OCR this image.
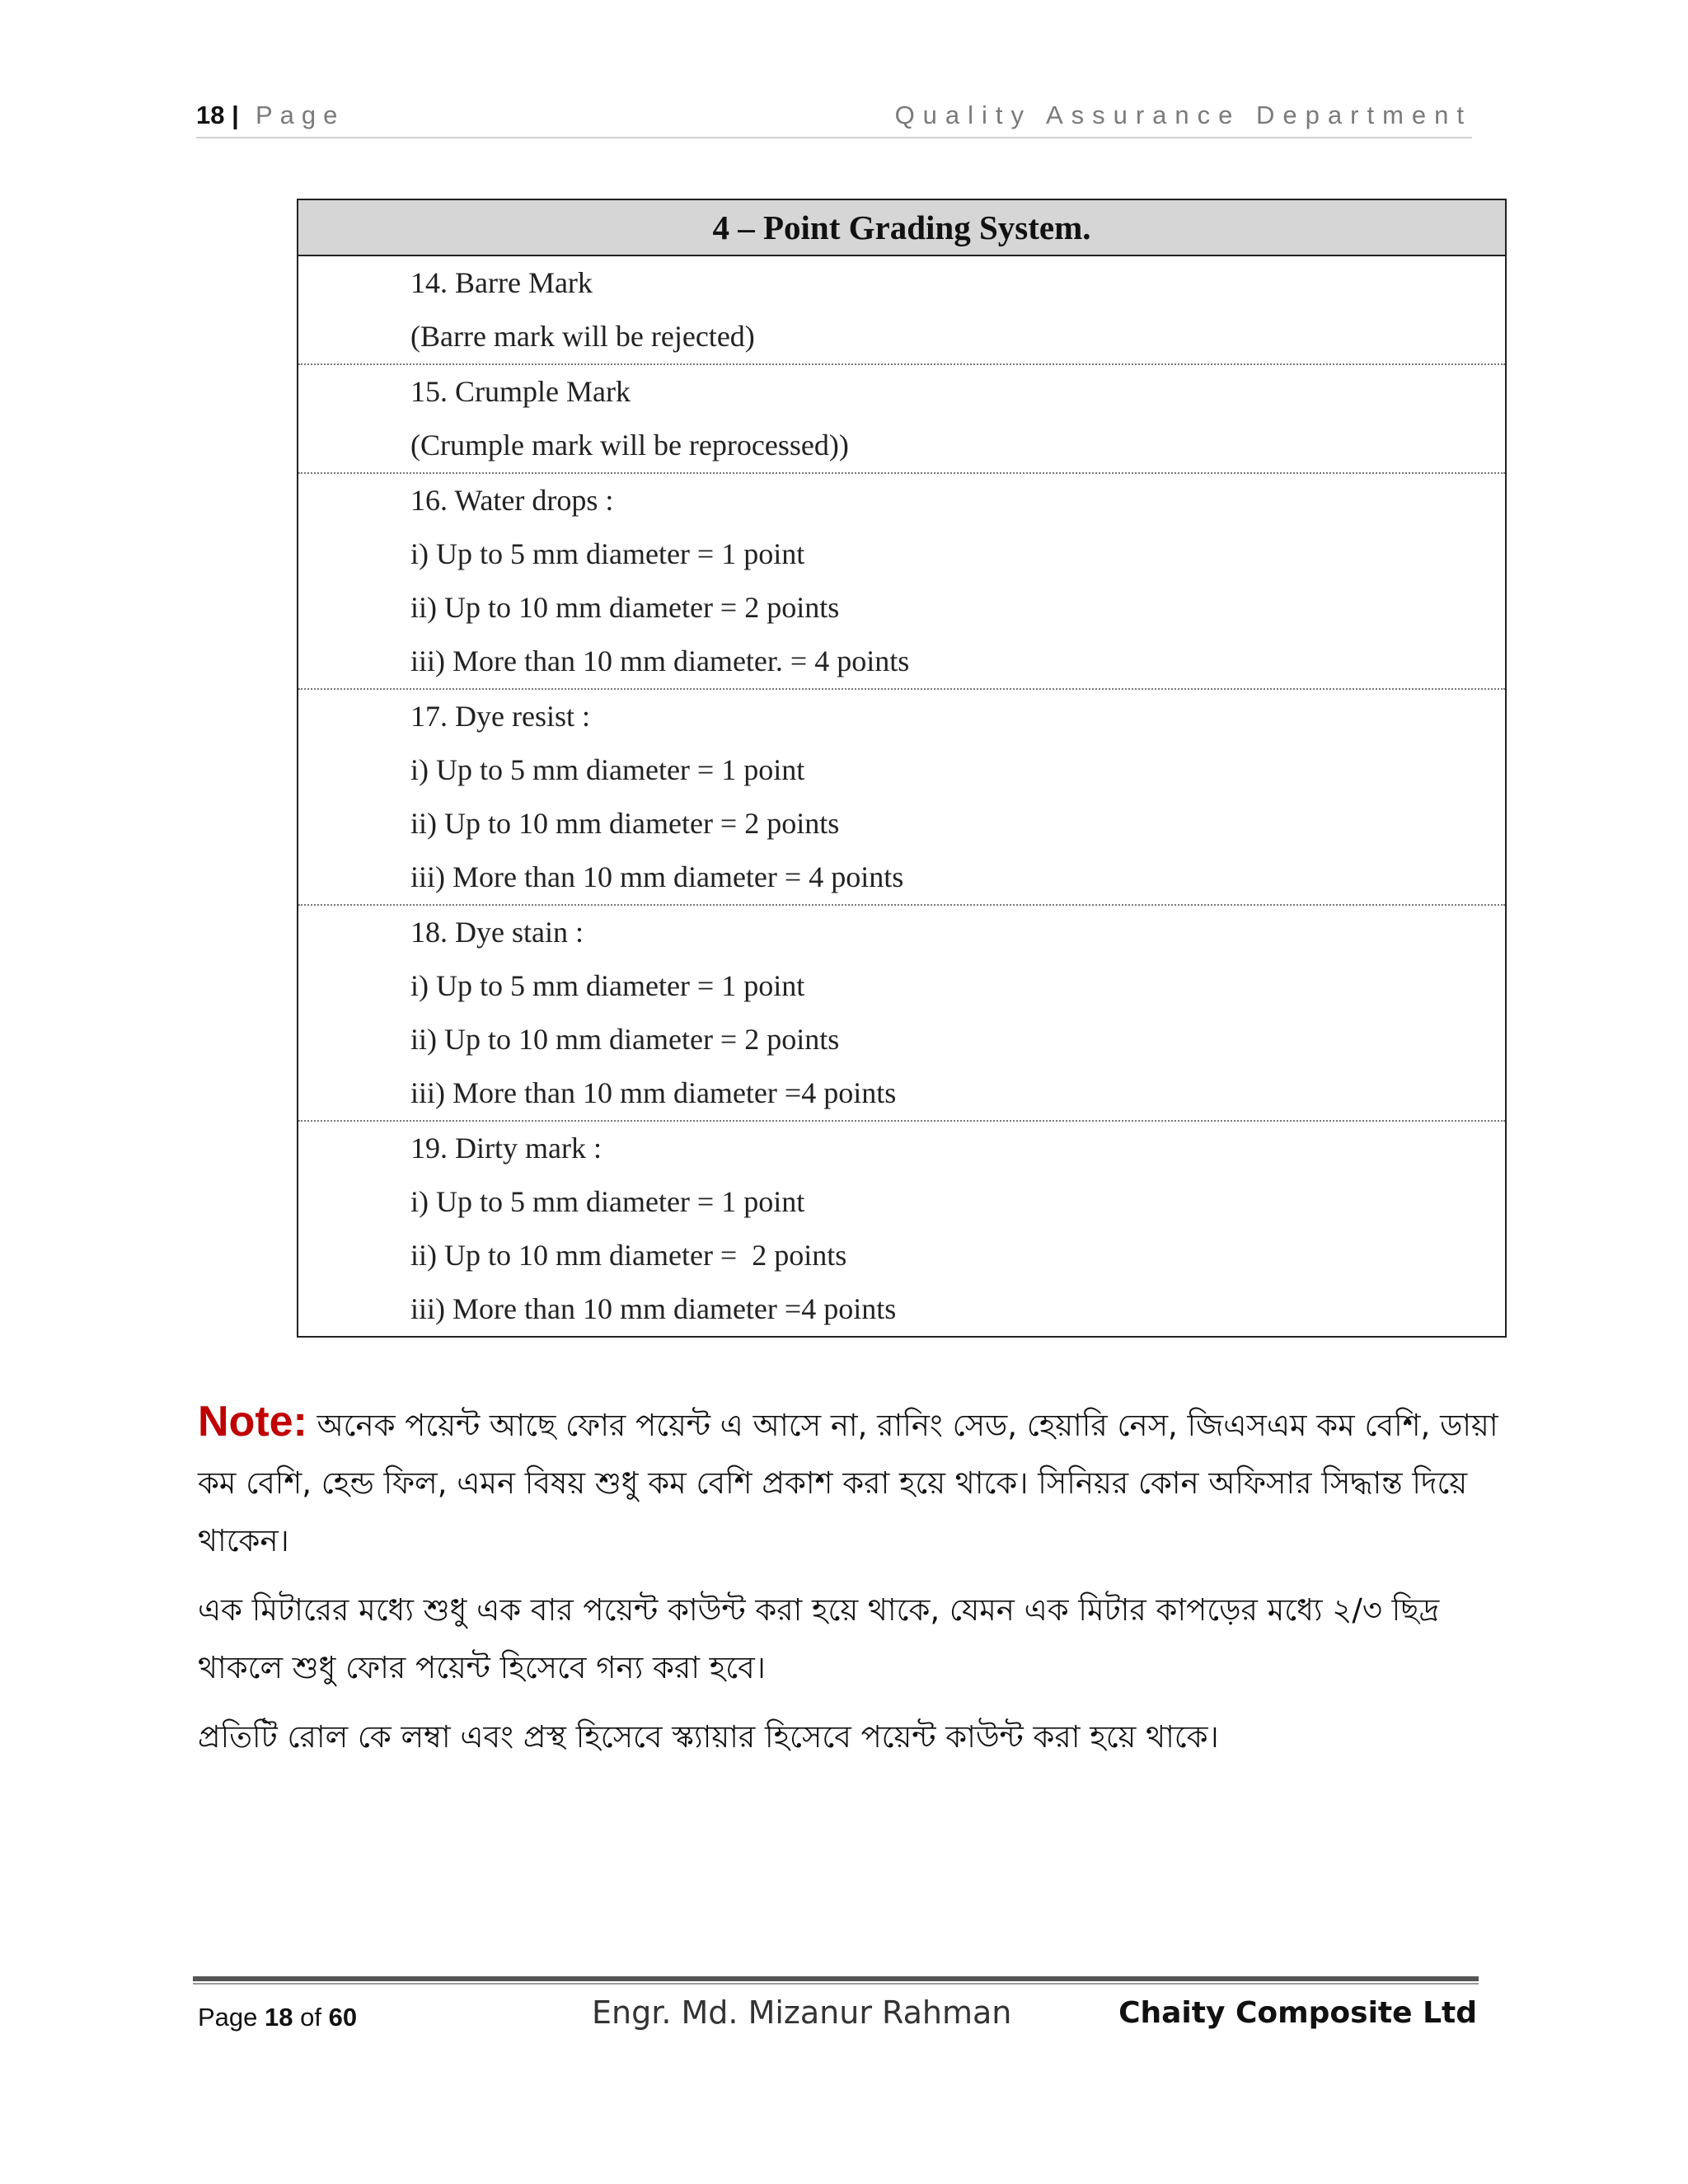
18 | Page	Quality Assurance Department
4 – Point Grading System.
14. Barre Mark
(Barre mark will be rejected)
15. Crumple Mark
(Crumple mark will be reprocessed))
16. Water drops :
i) Up to 5 mm diameter = 1 point
ii) Up to 10 mm diameter = 2 points
iii) More than 10 mm diameter. = 4 points
17. Dye resist :
i) Up to 5 mm diameter = 1 point
ii) Up to 10 mm diameter = 2 points
iii) More than 10 mm diameter = 4 points
18. Dye stain :
i) Up to 5 mm diameter = 1 point
ii) Up to 10 mm diameter = 2 points
iii) More than 10 mm diameter =4 points
19. Dirty mark :
i) Up to 5 mm diameter = 1 point
ii) Up to 10 mm diameter =  2 points
iii) More than 10 mm diameter =4 points

Note: অনেক পয়েন্ট আছে ফোর পয়েন্ট এ আসে না, রানিং সেড, হেয়ারি নেস, জিএসএম কম বেশি, ডায়া কম বেশি, হেন্ড ফিল, এমন বিষয় শুধু কম বেশি প্রকাশ করা হয়ে থাকে। সিনিয়র কোন অফিসার সিদ্ধান্ত দিয়ে থাকেন।

এক মিটারের মধ্যে শুধু এক বার পয়েন্ট কাউন্ট করা হয়ে থাকে, যেমন এক মিটার কাপড়ের মধ্যে ২/৩ ছিদ্র থাকলে শুধু ফোর পয়েন্ট হিসেবে গন্য করা হবে।

প্রতিটি রোল কে লম্বা এবং প্রস্থ হিসেবে স্ক্যায়ার হিসেবে পয়েন্ট কাউন্ট করা হয়ে থাকে।

Page 18 of 60	Engr. Md. Mizanur Rahman	Chaity Composite Ltd
